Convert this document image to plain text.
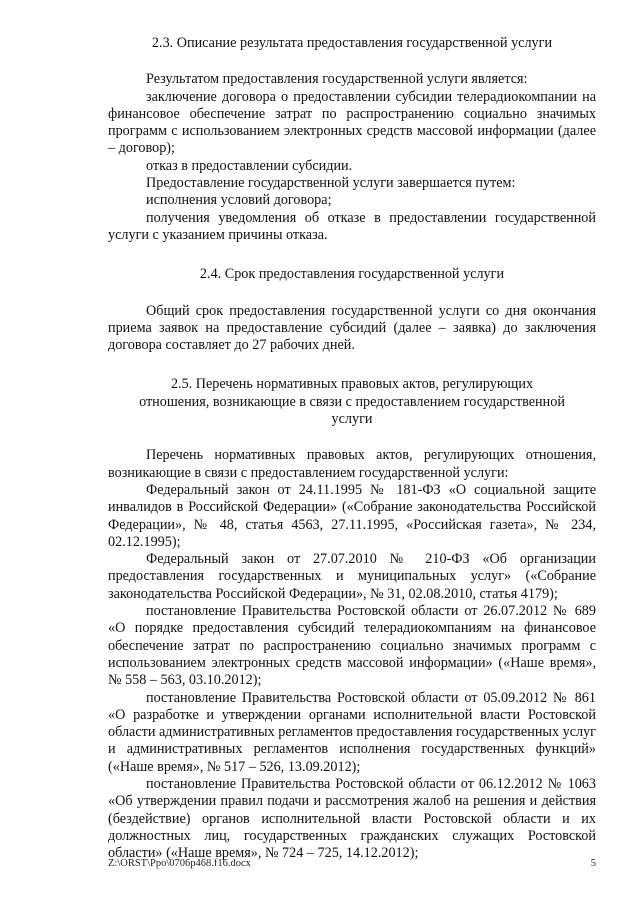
2.3. Описание результата предоставления государственной услуги

Результатом предоставления государственной услуги является:

заключение договора о предоставлении субсидии телерадиокомпании на финансовое обеспечение затрат по распространению социально значимых программ с использованием электронных средств массовой информации (далее – договор);

отказ в предоставлении субсидии.

Предоставление государственной услуги завершается путем:

исполнения условий договора;

получения уведомления об отказе в предоставлении государственной услуги с указанием причины отказа.

2.4. Срок предоставления государственной услуги

Общий срок предоставления государственной услуги со дня окончания приема заявок на предоставление субсидий (далее – заявка) до заключения договора составляет до 27 рабочих дней.

2.5. Перечень нормативных правовых актов, регулирующих отношения, возникающие в связи с предоставлением государственной услуги

Перечень нормативных правовых актов, регулирующих отношения, возникающие в связи с предоставлением государственной услуги:

Федеральный закон от 24.11.1995 № 181-ФЗ «О социальной защите инвалидов в Российской Федерации» («Собрание законодательства Российской Федерации», № 48, статья 4563, 27.11.1995, «Российская газета», № 234, 02.12.1995);

Федеральный закон от 27.07.2010 № 210-ФЗ «Об организации предоставления государственных и муниципальных услуг» («Собрание законодательства Российской Федерации», № 31, 02.08.2010, статья 4179);

постановление Правительства Ростовской области от 26.07.2012 № 689 «О порядке предоставления субсидий телерадиокомпаниям на финансовое обеспечение затрат по распространению социально значимых программ с использованием электронных средств массовой информации» («Наше время», № 558 – 563, 03.10.2012);

постановление Правительства Ростовской области от 05.09.2012 № 861 «О разработке и утверждении органами исполнительной власти Ростовской области административных регламентов предоставления государственных услуг и административных регламентов исполнения государственных функций» («Наше время», № 517 – 526, 13.09.2012);

постановление Правительства Ростовской области от 06.12.2012 № 1063 «Об утверждении правил подачи и рассмотрения жалоб на решения и действия (бездействие) органов исполнительной власти Ростовской области и их должностных лиц, государственных гражданских служащих Ростовской области» («Наше время», № 724 – 725, 14.12.2012);

Z:\ORST\Ppo\0706p468.f16.docx	5
